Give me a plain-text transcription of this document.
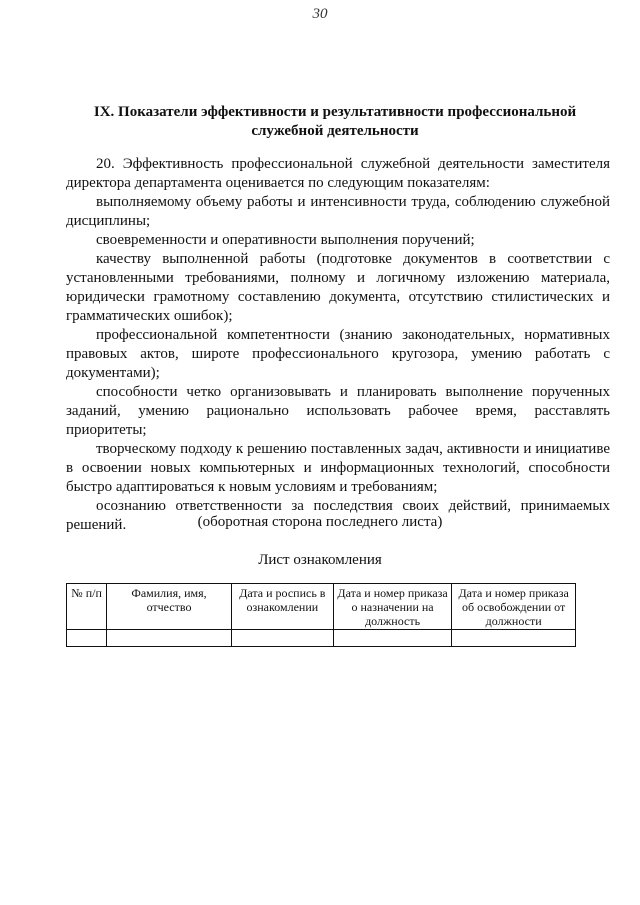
30
IX. Показатели эффективности и результативности профессиональной служебной деятельности

20. Эффективность профессиональной служебной деятельности заместителя директора департамента оценивается по следующим показателям:

выполняемому объему работы и интенсивности труда, соблюдению служебной дисциплины;

своевременности и оперативности выполнения поручений;

качеству выполненной работы (подготовке документов в соответствии с установленными требованиями, полному и логичному изложению материала, юридически грамотному составлению документа, отсутствию стилистических и грамматических ошибок);

профессиональной компетентности (знанию законодательных, нормативных правовых актов, широте профессионального кругозора, умению работать с документами);

способности четко организовывать и планировать выполнение порученных заданий, умению рационально использовать рабочее время, расставлять приоритеты;

творческому подходу к решению поставленных задач, активности и инициативе в освоении новых компьютерных и информационных технологий, способности быстро адаптироваться к новым условиям и требованиям;

осознанию ответственности за последствия своих действий, принимаемых решений.	(оборотная сторона последнего листа)
Лист ознакомления
№ п/п	Фамилия, имя, отчество	Дата и роспись в ознакомлении	Дата и номер приказа о назначении на должность	Дата и номер приказа об освобождении от должности
